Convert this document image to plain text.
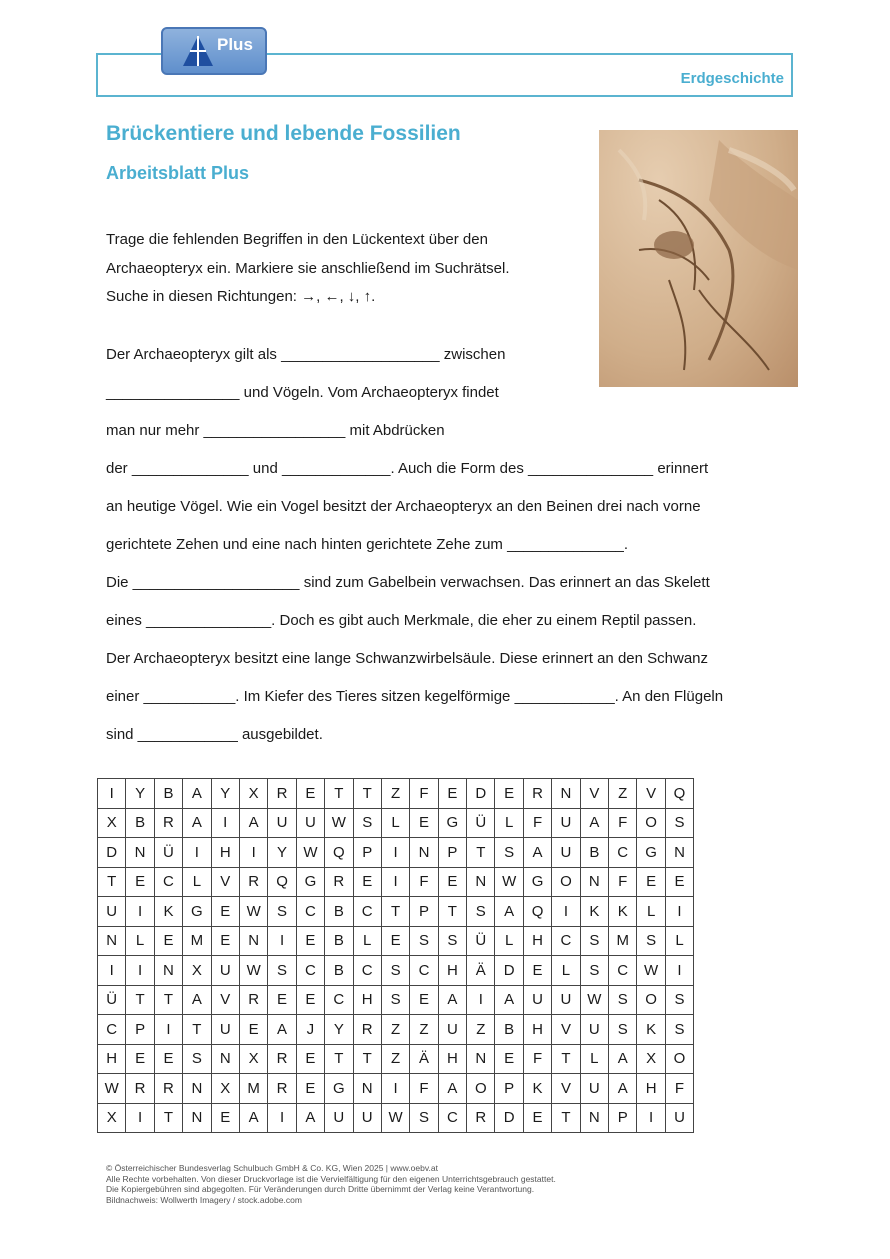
Plus
Erdgeschichte
Brückentiere und lebende Fossilien
Arbeitsblatt Plus
Trage die fehlenden Begriffen in den Lückentext über den
Archaeopteryx ein. Markiere sie anschließend im Suchrätsel.
Suche in diesen Richtungen: →, ←, ↓, ↑.
Der Archaeopteryx gilt als ___________________ zwischen
________________ und Vögeln. Vom Archaeopteryx findet
man nur mehr _________________ mit Abdrücken
der ______________ und _____________. Auch die Form des _______________ erinnert
an heutige Vögel. Wie ein Vogel besitzt der Archaeopteryx an den Beinen drei nach vorne
gerichtete Zehen und eine nach hinten gerichtete Zehe zum ______________.
Die ____________________ sind zum Gabelbein verwachsen. Das erinnert an das Skelett
eines _______________. Doch es gibt auch Merkmale, die eher zu einem Reptil passen.
Der Archaeopteryx besitzt eine lange Schwanzwirbelsäule. Diese erinnert an den Schwanz
einer ___________. Im Kiefer des Tieres sitzen kegelförmige ____________. An den Flügeln
sind ____________ ausgebildet.
I	Y	B	A	Y	X	R	E	T	T	Z	F	E	D	E	R	N	V	Z	V	Q
X	B	R	A	I	A	U	U	W	S	L	E	G	Ü	L	F	U	A	F	O	S
D	N	Ü	I	H	I	Y	W	Q	P	I	N	P	T	S	A	U	B	C	G	N
T	E	C	L	V	R	Q	G	R	E	I	F	E	N	W	G	O	N	F	E	E
U	I	K	G	E	W	S	C	B	C	T	P	T	S	A	Q	I	K	K	L	I
N	L	E	M	E	N	I	E	B	L	E	S	S	Ü	L	H	C	S	M	S	L
I	I	N	X	U	W	S	C	B	C	S	C	H	Ä	D	E	L	S	C	W	I
Ü	T	T	A	V	R	E	E	C	H	S	E	A	I	A	U	U	W	S	O	S
C	P	I	T	U	E	A	J	Y	R	Z	Z	U	Z	B	H	V	U	S	K	S
H	E	E	S	N	X	R	E	T	T	Z	Ä	H	N	E	F	T	L	A	X	O
W	R	R	N	X	M	R	E	G	N	I	F	A	O	P	K	V	U	A	H	F
X	I	T	N	E	A	I	A	U	U	W	S	C	R	D	E	T	N	P	I	U
© Österreichischer Bundesverlag Schulbuch GmbH & Co. KG, Wien 2025 | www.oebv.at
Alle Rechte vorbehalten. Von dieser Druckvorlage ist die Vervielfältigung für den eigenen Unterrichtsgebrauch gestattet.
Die Kopiergebühren sind abgegolten. Für Veränderungen durch Dritte übernimmt der Verlag keine Verantwortung.
Bildnachweis: Wollwerth Imagery / stock.adobe.com
